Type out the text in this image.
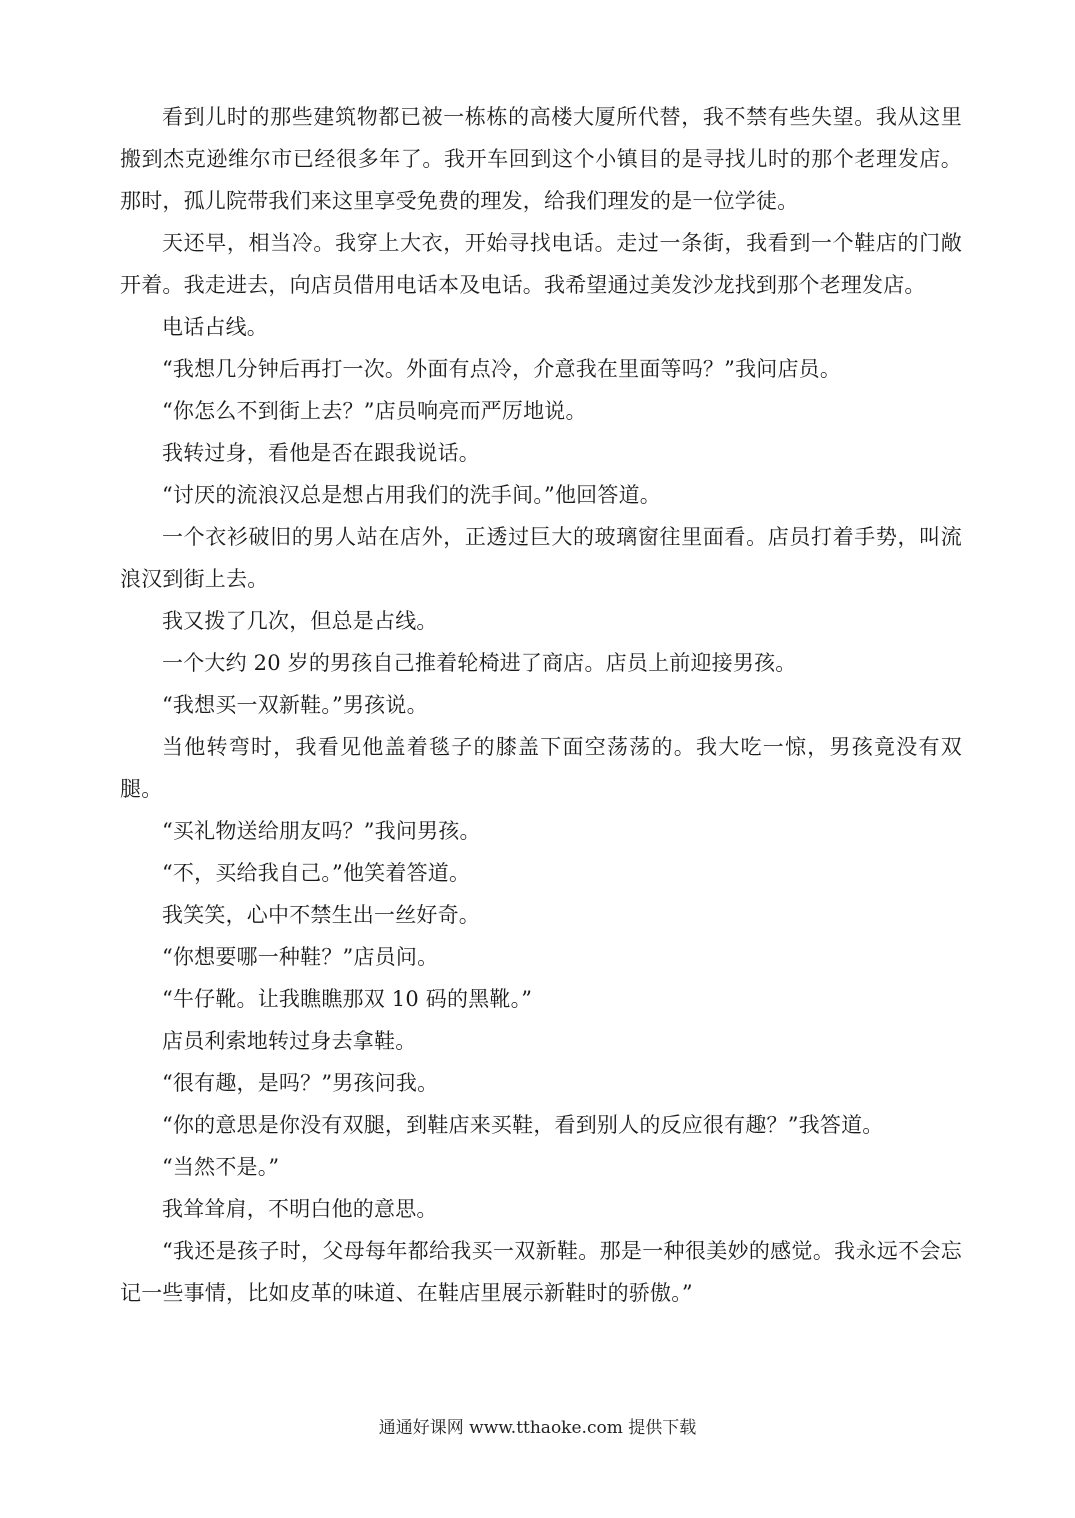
看到儿时的那些建筑物都已被一栋栋的高楼大厦所代替，我不禁有些失望。我从这里搬到杰克逊维尔市已经很多年了。我开车回到这个小镇目的是寻找儿时的那个老理发店。那时，孤儿院带我们来这里享受免费的理发，给我们理发的是一位学徒。

天还早，相当冷。我穿上大衣，开始寻找电话。走过一条街，我看到一个鞋店的门敞开着。我走进去，向店员借用电话本及电话。我希望通过美发沙龙找到那个老理发店。

电话占线。

“我想几分钟后再打一次。外面有点冷，介意我在里面等吗？”我问店员。

“你怎么不到街上去？”店员响亮而严厉地说。

我转过身，看他是否在跟我说话。

“讨厌的流浪汉总是想占用我们的洗手间。”他回答道。

一个衣衫破旧的男人站在店外，正透过巨大的玻璃窗往里面看。店员打着手势，叫流浪汉到街上去。

我又拨了几次，但总是占线。

一个大约 20 岁的男孩自己推着轮椅进了商店。店员上前迎接男孩。

“我想买一双新鞋。”男孩说。

当他转弯时，我看见他盖着毯子的膝盖下面空荡荡的。我大吃一惊，男孩竟没有双腿。

“买礼物送给朋友吗？”我问男孩。

“不，买给我自己。”他笑着答道。

我笑笑，心中不禁生出一丝好奇。

“你想要哪一种鞋？”店员问。

“牛仔靴。让我瞧瞧那双 10 码的黑靴。”

店员利索地转过身去拿鞋。

“很有趣，是吗？”男孩问我。

“你的意思是你没有双腿，到鞋店来买鞋，看到别人的反应很有趣？”我答道。

“当然不是。”

我耸耸肩，不明白他的意思。

“我还是孩子时，父母每年都给我买一双新鞋。那是一种很美妙的感觉。我永远不会忘记一些事情，比如皮革的味道、在鞋店里展示新鞋时的骄傲。”

通通好课网 www.tthaoke.com 提供下载
